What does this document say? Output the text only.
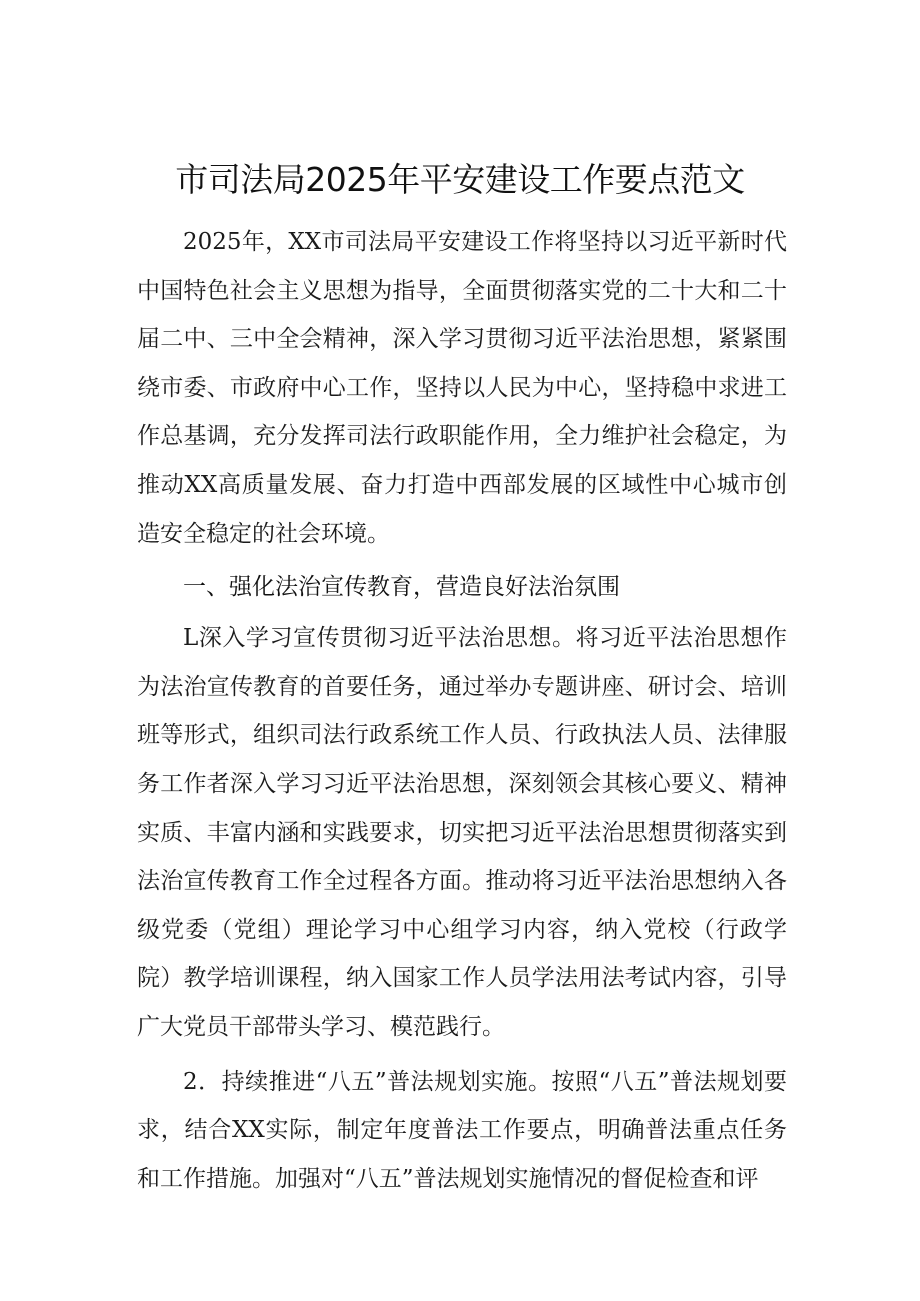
市司法局2025年平安建设工作要点范文

2025年，XX市司法局平安建设工作将坚持以习近平新时代中国特色社会主义思想为指导，全面贯彻落实党的二十大和二十届二中、三中全会精神，深入学习贯彻习近平法治思想，紧紧围绕市委、市政府中心工作，坚持以人民为中心，坚持稳中求进工作总基调，充分发挥司法行政职能作用，全力维护社会稳定，为推动XX高质量发展、奋力打造中西部发展的区域性中心城市创造安全稳定的社会环境。

一、强化法治宣传教育，营造良好法治氛围

L深入学习宣传贯彻习近平法治思想。将习近平法治思想作为法治宣传教育的首要任务，通过举办专题讲座、研讨会、培训班等形式，组织司法行政系统工作人员、行政执法人员、法律服务工作者深入学习习近平法治思想，深刻领会其核心要义、精神实质、丰富内涵和实践要求，切实把习近平法治思想贯彻落实到法治宣传教育工作全过程各方面。推动将习近平法治思想纳入各级党委（党组）理论学习中心组学习内容，纳入党校（行政学院）教学培训课程，纳入国家工作人员学法用法考试内容，引导广大党员干部带头学习、模范践行。

2．持续推进“八五”普法规划实施。按照“八五”普法规划要求，结合XX实际，制定年度普法工作要点，明确普法重点任务和工作措施。加强对“八五”普法规划实施情况的督促检查和评
